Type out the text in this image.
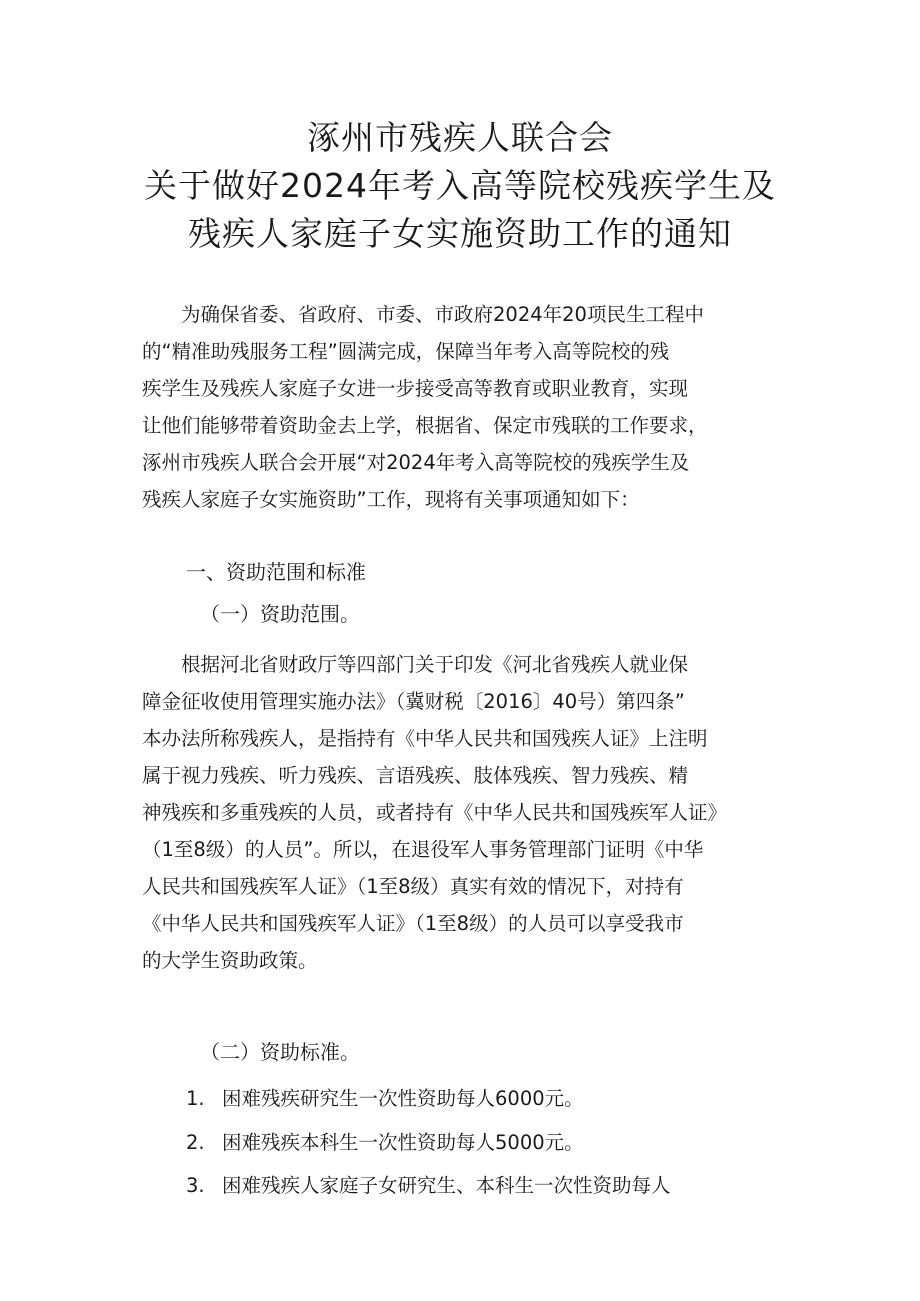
涿州市残疾人联合会
关于做好2024年考入高等院校残疾学生及
残疾人家庭子女实施资助工作的通知
为确保省委、省政府、市委、市政府2024年20项民生工程中
的“精准助残服务工程”圆满完成，保障当年考入高等院校的残
疾学生及残疾人家庭子女进一步接受高等教育或职业教育，实现
让他们能够带着资助金去上学，根据省、保定市残联的工作要求，
涿州市残疾人联合会开展“对2024年考入高等院校的残疾学生及
残疾人家庭子女实施资助”工作，现将有关事项通知如下：
一、资助范围和标准
（一）资助范围。
根据河北省财政厅等四部门关于印发《河北省残疾人就业保
障金征收使用管理实施办法》（冀财税〔2016〕40号）第四条”
本办法所称残疾人，是指持有《中华人民共和国残疾人证》上注明
属于视力残疾、听力残疾、言语残疾、肢体残疾、智力残疾、精
神残疾和多重残疾的人员，或者持有《中华人民共和国残疾军人证》
（1至8级）的人员”。所以，在退役军人事务管理部门证明《中华
人民共和国残疾军人证》（1至8级）真实有效的情况下，对持有
《中华人民共和国残疾军人证》（1至8级）的人员可以享受我市
的大学生资助政策。
（二）资助标准。
1. 困难残疾研究生一次性资助每人6000元。
2. 困难残疾本科生一次性资助每人5000元。
3. 困难残疾人家庭子女研究生、本科生一次性资助每人
